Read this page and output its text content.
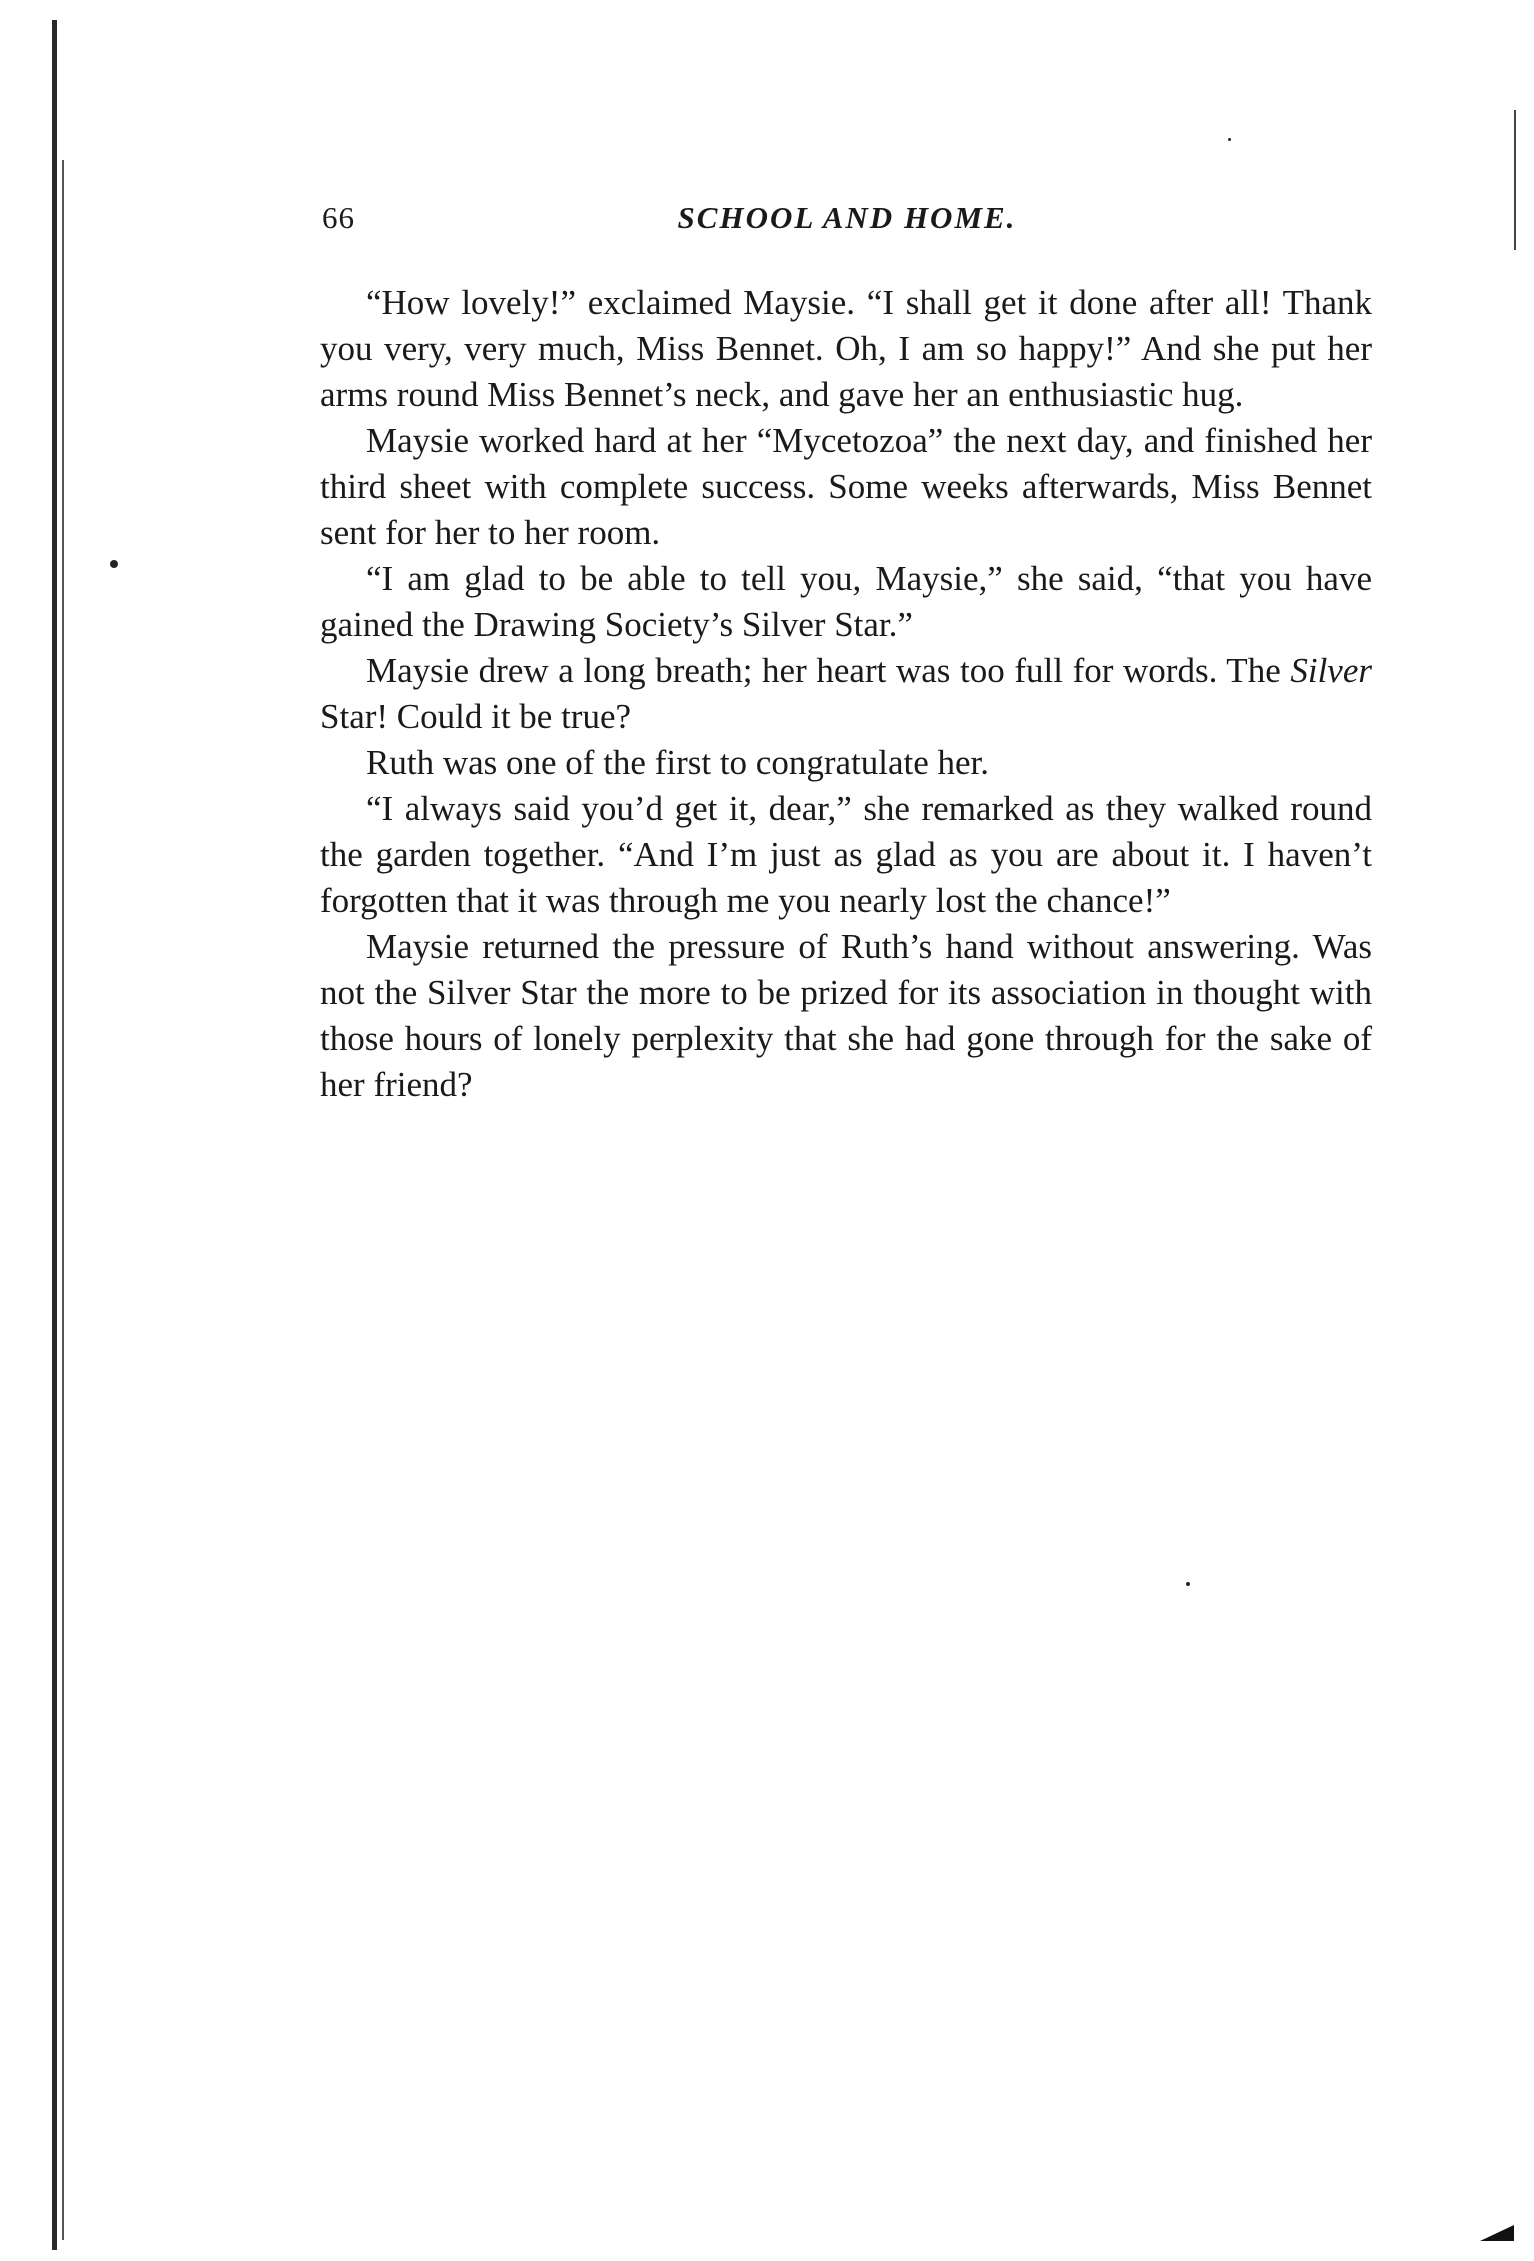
66	SCHOOL AND HOME.

“How lovely!” exclaimed Maysie. “I shall get it done after all! Thank you very, very much, Miss Bennet. Oh, I am so happy!” And she put her arms round Miss Bennet’s neck, and gave her an enthusiastic hug.

Maysie worked hard at her “Mycetozoa” the next day, and finished her third sheet with complete success. Some weeks afterwards, Miss Bennet sent for her to her room.

“I am glad to be able to tell you, Maysie,” she said, “that you have gained the Drawing Society’s Silver Star.”

Maysie drew a long breath; her heart was too full for words. The Silver Star! Could it be true?

Ruth was one of the first to congratulate her.

“I always said you’d get it, dear,” she remarked as they walked round the garden together. “And I’m just as glad as you are about it. I haven’t forgotten that it was through me you nearly lost the chance!”

Maysie returned the pressure of Ruth’s hand without answering. Was not the Silver Star the more to be prized for its association in thought with those hours of lonely perplexity that she had gone through for the sake of her friend?
